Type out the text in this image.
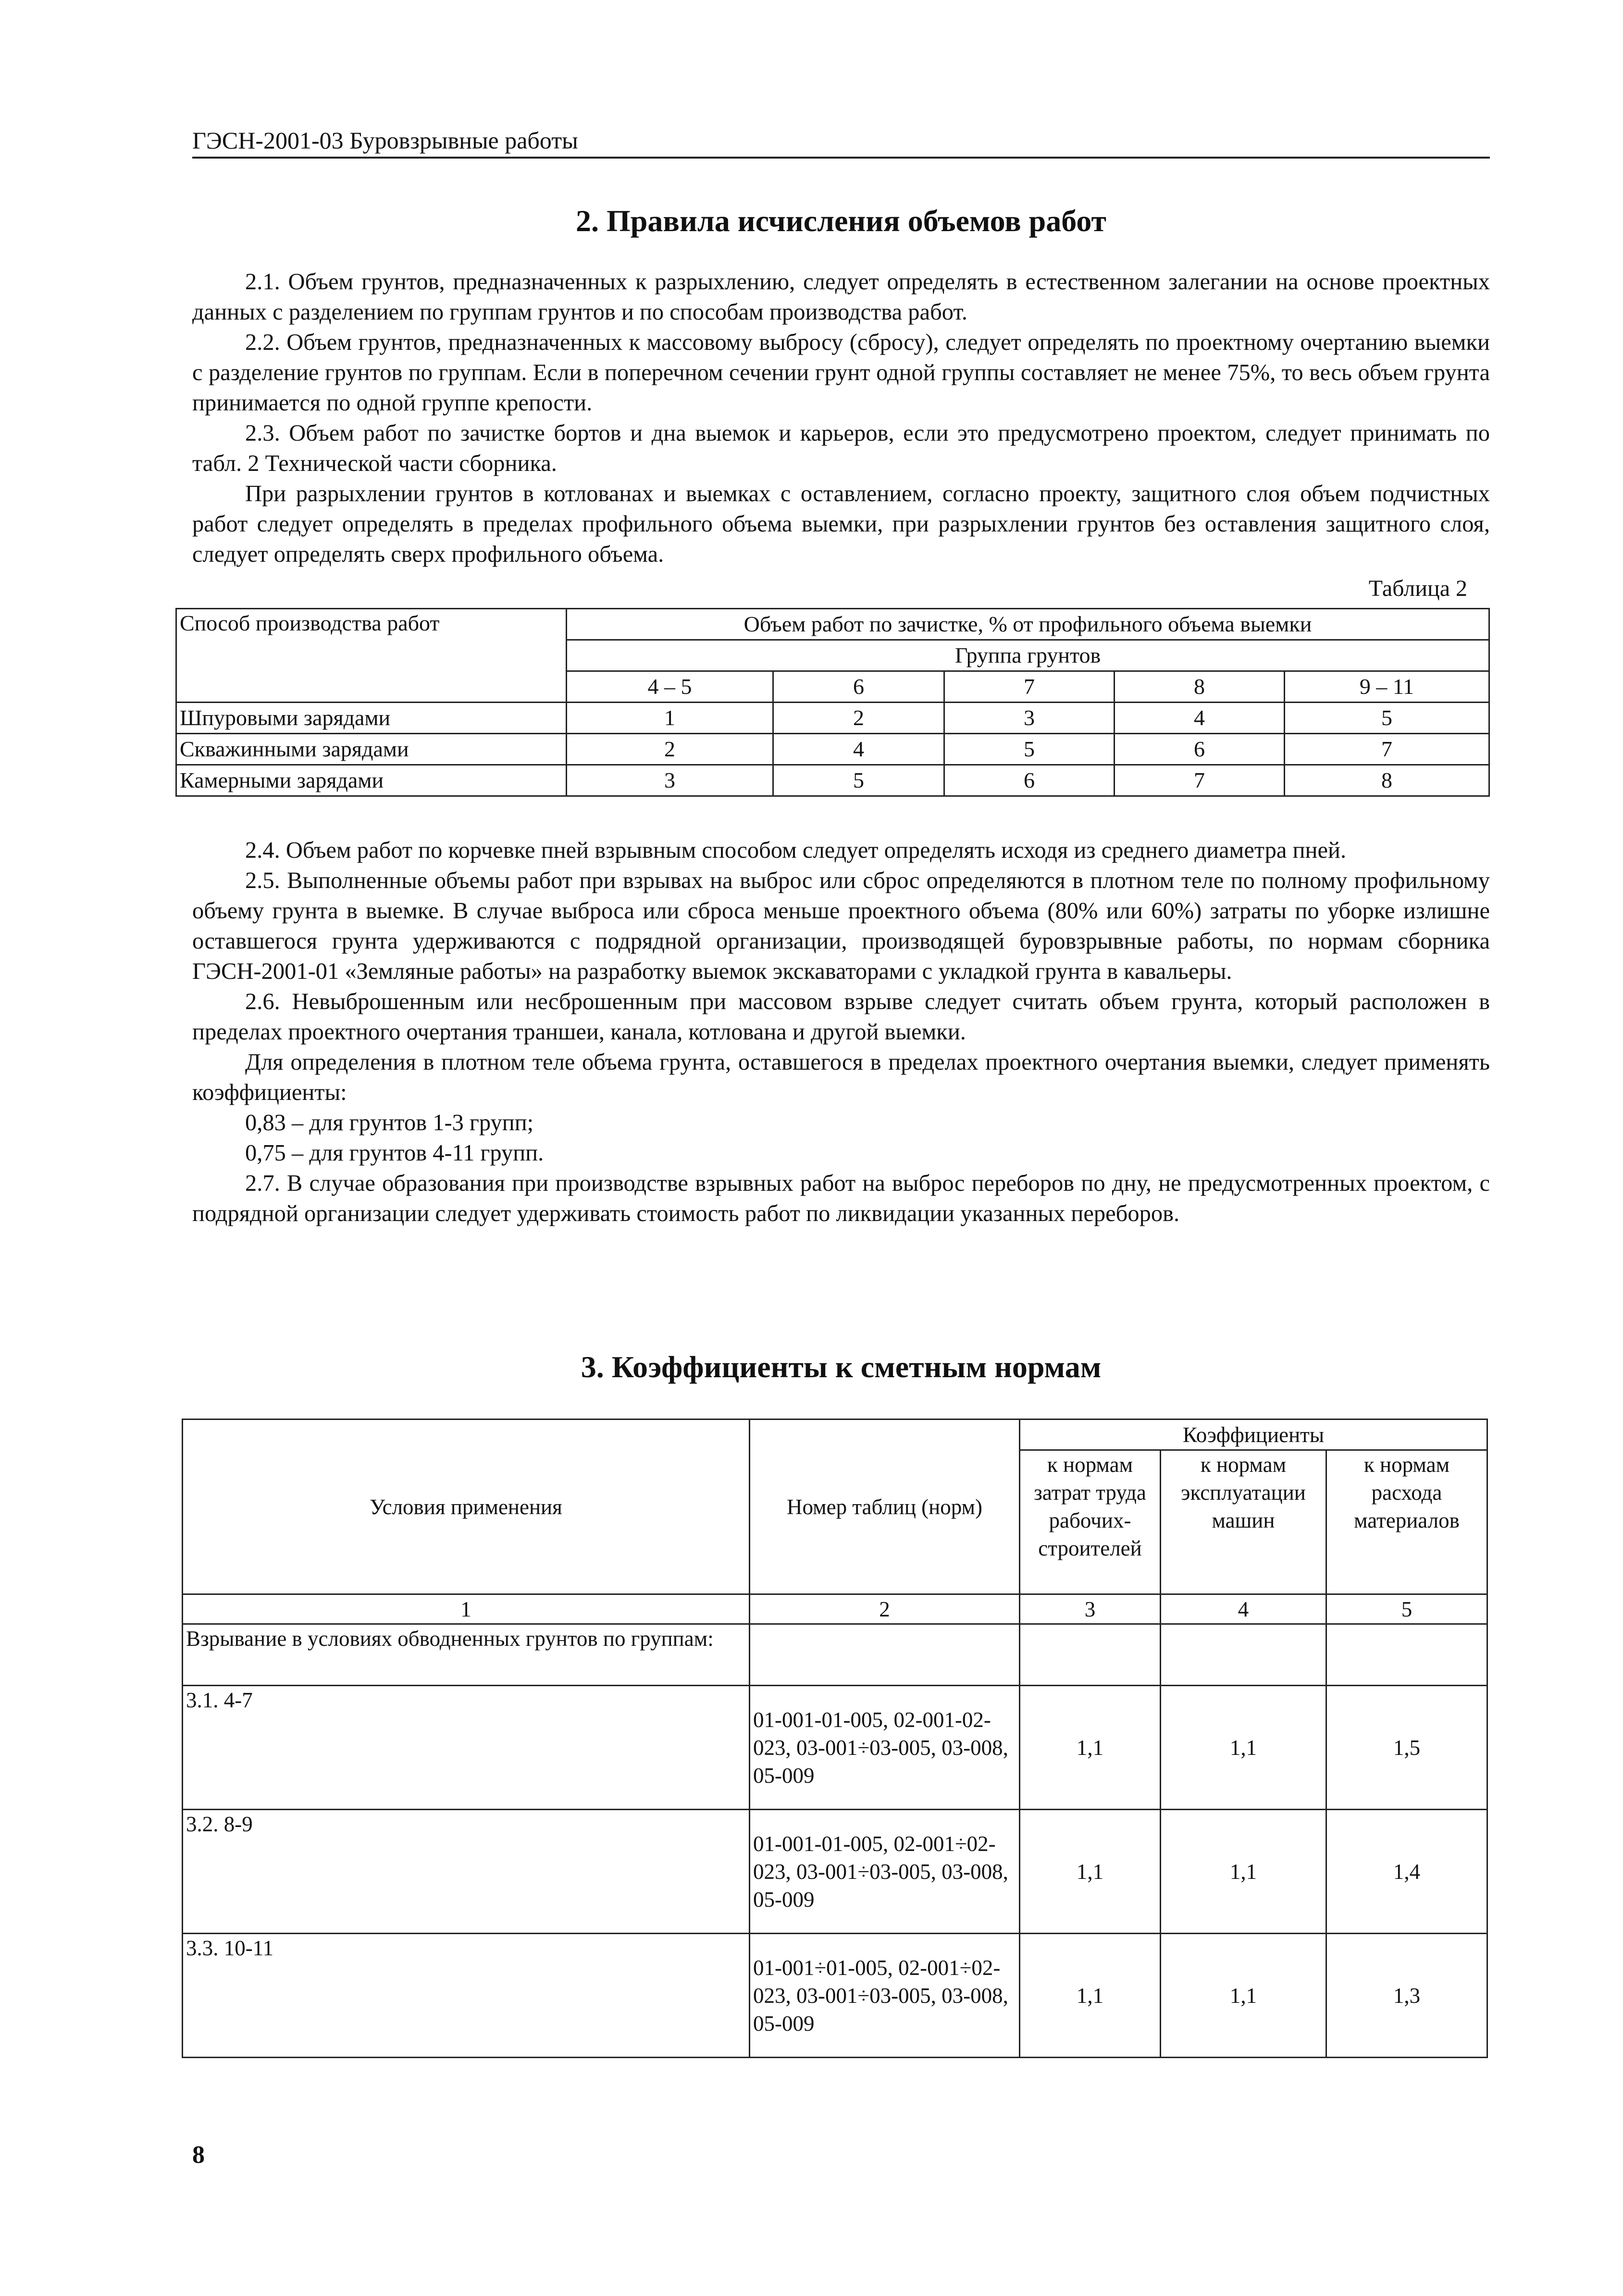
ГЭСН-2001-03 Буровзрывные работы
2. Правила исчисления объемов работ

2.1. Объем грунтов, предназначенных к разрыхлению, следует определять в естественном залегании на основе проектных данных с разделением по группам грунтов и по способам производства работ.

2.2. Объем грунтов, предназначенных к массовому выбросу (сбросу), следует определять по проектному очертанию выемки с разделение грунтов по группам. Если в поперечном сечении грунт одной группы составляет не менее 75%, то весь объем грунта принимается по одной группе крепости.

2.3. Объем работ по зачистке бортов и дна выемок и карьеров, если это предусмотрено проектом, следует принимать по табл. 2 Технической части сборника.

При разрыхлении грунтов в котлованах и выемках с оставлением, согласно проекту, защитного слоя объем подчистных работ следует определять в пределах профильного объема выемки, при разрыхлении грунтов без оставления защитного слоя, следует определять сверх профильного объема.

Таблица 2
Способ производства работ	Объем работ по зачистке, % от профильного объема выемки				
	Группа грунтов				
	4 – 5	6	7	8	9 – 11
Шпуровыми зарядами	1	2	3	4	5
Скважинными зарядами	2	4	5	6	7
Камерными зарядами	3	5	6	7	8

2.4. Объем работ по корчевке пней взрывным способом следует определять исходя из среднего диаметра пней.

2.5. Выполненные объемы работ при взрывах на выброс или сброс определяются в плотном теле по полному профильному объему грунта в выемке. В случае выброса или сброса меньше проектного объема (80% или 60%) затраты по уборке излишне оставшегося грунта удерживаются с подрядной организации, производящей буровзрывные работы, по нормам сборника ГЭСН-2001-01 «Земляные работы» на разработку выемок экскаваторами с укладкой грунта в кавальеры.

2.6. Невыброшенным или несброшенным при массовом взрыве следует считать объем грунта, который расположен в пределах проектного очертания траншеи, канала, котлована и другой выемки.

Для определения в плотном теле объема грунта, оставшегося в пределах проектного очертания выемки, следует применять коэффициенты:

0,83 – для грунтов 1-3 групп;

0,75 – для грунтов 4-11 групп.

2.7. В случае образования при производстве взрывных работ на выброс переборов по дну, не предусмотренных проектом, с подрядной организации следует удерживать стоимость работ по ликвидации указанных переборов.

3. Коэффициенты к сметным нормам
Условия применения	Номер таблиц (норм)	Коэффициенты		
		к нормам затрат труда рабочих-строителей	к нормам эксплуатации машин	к нормам расхода материалов
1	2	3	4	5
Взрывание в условиях обводненных грунтов по группам:				
3.1. 4-7	01-001-01-005, 02-001-02-023, 03-001÷03-005, 03-008, 05-009	1,1	1,1	1,5
3.2. 8-9	01-001-01-005, 02-001÷02-023, 03-001÷03-005, 03-008, 05-009	1,1	1,1	1,4
3.3. 10-11	01-001÷01-005, 02-001÷02-023, 03-001÷03-005, 03-008, 05-009	1,1	1,1	1,3
8
